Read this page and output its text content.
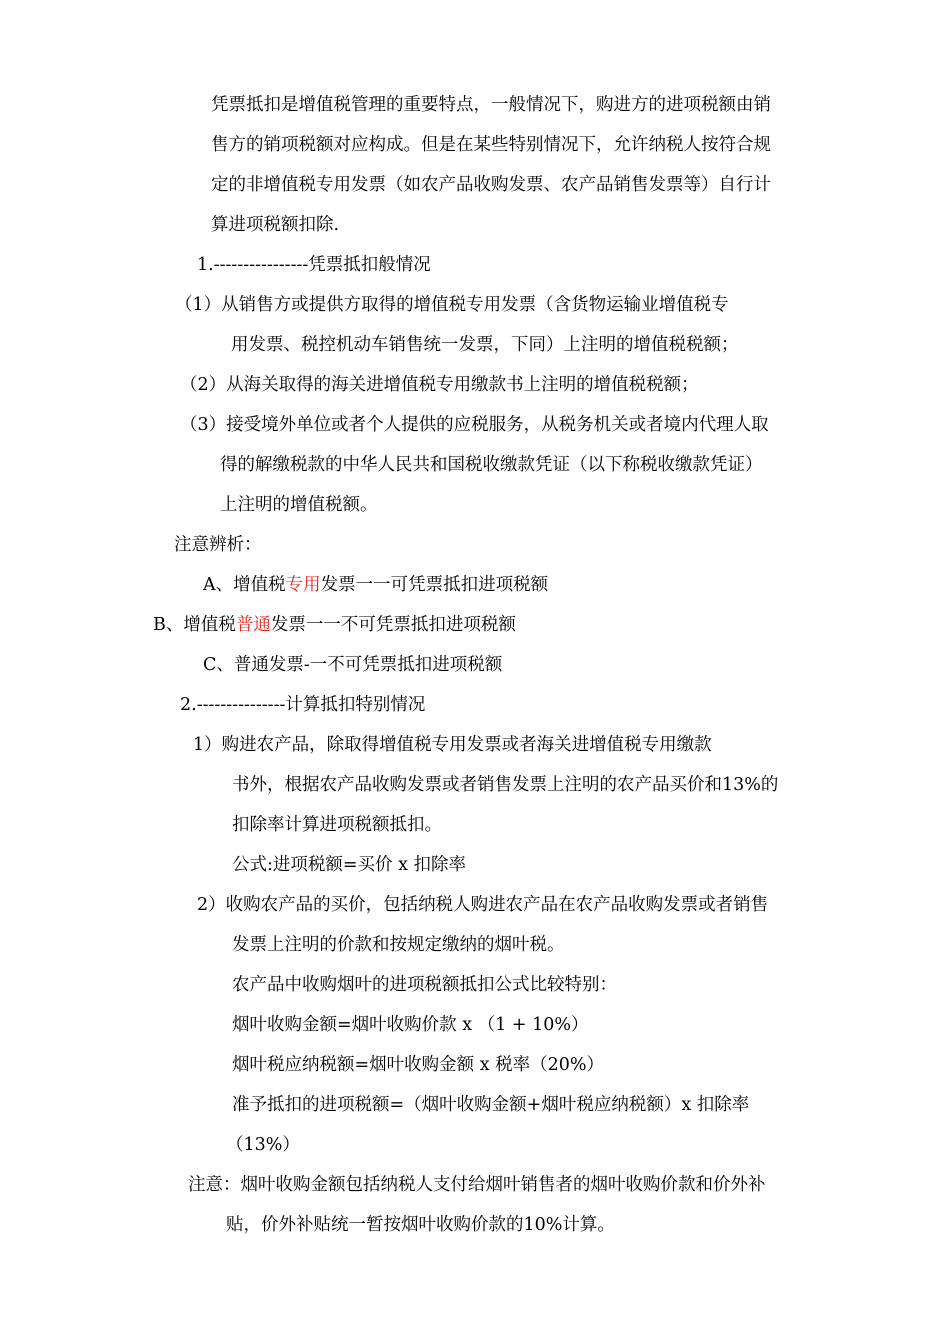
凭票抵扣是增值税管理的重要特点，一般情况下，购进方的进项税额由销
售方的销项税额对应构成。但是在某些特别情况下，允许纳税人按符合规
定的非增值税专用发票（如农产品收购发票、农产品销售发票等）自行计
算进项税额扣除.
1.----------------凭票抵扣般情况
（1）从销售方或提供方取得的增值税专用发票（含货物运输业增值税专
用发票、税控机动车销售统一发票，下同）上注明的增值税税额；
（2）从海关取得的海关进增值税专用缴款书上注明的增值税税额；
（3）接受境外单位或者个人提供的应税服务，从税务机关或者境内代理人取
得的解缴税款的中华人民共和国税收缴款凭证（以下称税收缴款凭证）
上注明的增值税额。
注意辨析：
A、增值税专用发票一一可凭票抵扣进项税额
B、增值税普通发票一一不可凭票抵扣进项税额
C、普通发票-一不可凭票抵扣进项税额
2.---------------计算抵扣特别情况
1）购进农产品，除取得增值税专用发票或者海关进增值税专用缴款
书外，根据农产品收购发票或者销售发票上注明的农产品买价和13%的
扣除率计算进项税额抵扣。
公式:进项税额=买价 x 扣除率
2）收购农产品的买价，包括纳税人购进农产品在农产品收购发票或者销售
发票上注明的价款和按规定缴纳的烟叶税。
农产品中收购烟叶的进项税额抵扣公式比较特别：
烟叶收购金额=烟叶收购价款 x （1 + 10%）
烟叶税应纳税额=烟叶收购金额 x 税率（20%）
准予抵扣的进项税额=（烟叶收购金额+烟叶税应纳税额）x 扣除率
（13%）
注意：烟叶收购金额包括纳税人支付给烟叶销售者的烟叶收购价款和价外补
贴，价外补贴统一暂按烟叶收购价款的10%计算。
